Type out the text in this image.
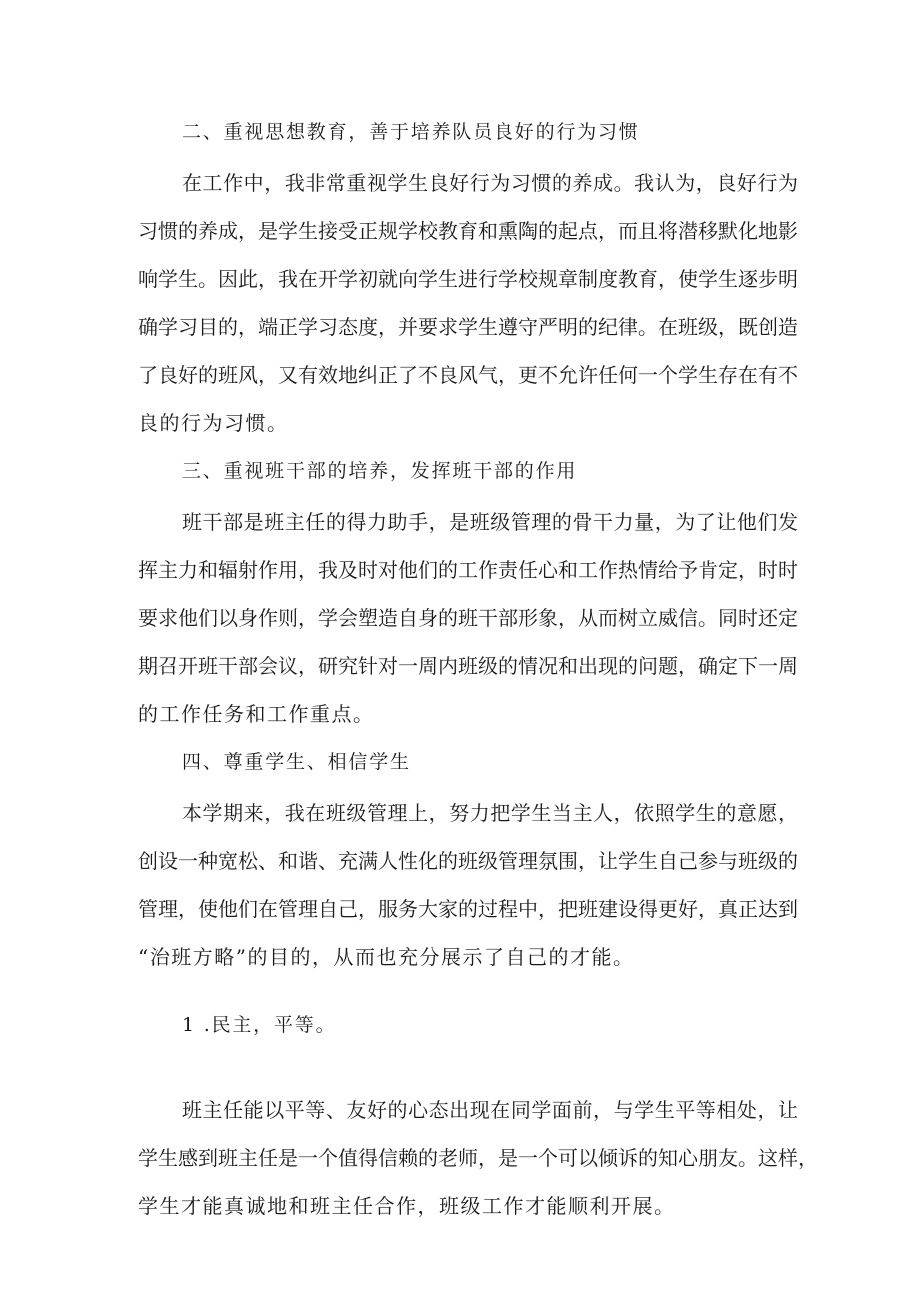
二、重视思想教育，善于培养队员良好的行为习惯
在工作中，我非常重视学生良好行为习惯的养成。我认为，良好行为
习惯的养成，是学生接受正规学校教育和熏陶的起点，而且将潜移默化地影
响学生。因此，我在开学初就向学生进行学校规章制度教育，使学生逐步明
确学习目的，端正学习态度，并要求学生遵守严明的纪律。在班级，既创造
了良好的班风，又有效地纠正了不良风气，更不允许任何一个学生存在有不
良的行为习惯。
三、重视班干部的培养，发挥班干部的作用
班干部是班主任的得力助手，是班级管理的骨干力量，为了让他们发
挥主力和辐射作用，我及时对他们的工作责任心和工作热情给予肯定，时时
要求他们以身作则，学会塑造自身的班干部形象，从而树立威信。同时还定
期召开班干部会议，研究针对一周内班级的情况和出现的问题，确定下一周
的工作任务和工作重点。
四、尊重学生、相信学生
本学期来，我在班级管理上，努力把学生当主人，依照学生的意愿，
创设一种宽松、和谐、充满人性化的班级管理氛围，让学生自己参与班级的
管理，使他们在管理自己，服务大家的过程中，把班建设得更好，真正达到
“治班方略”的目的，从而也充分展示了自己的才能。
1 .民主，平等。
班主任能以平等、友好的心态出现在同学面前，与学生平等相处，让
学生感到班主任是一个值得信赖的老师，是一个可以倾诉的知心朋友。这样，
学生才能真诚地和班主任合作，班级工作才能顺利开展。
